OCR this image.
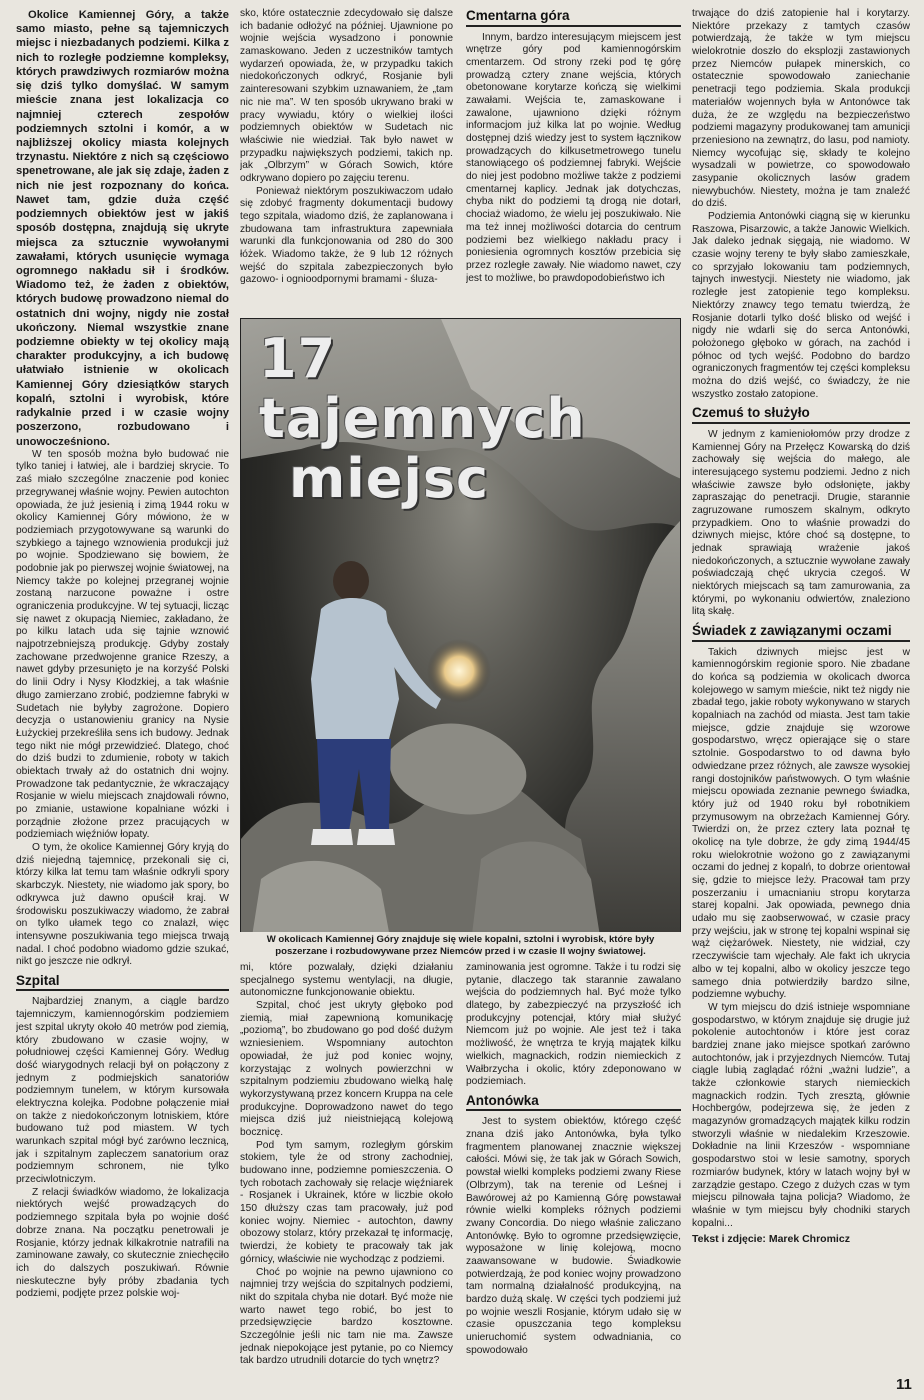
Okolice Kamiennej Góry, a także samo miasto, pełne są tajemniczych miejsc i niezbadanych podziemi. Kilka z nich to rozległe podziemne kompleksy, których prawdziwych rozmiarów można się dziś tylko domyślać. W samym mieście znana jest lokalizacja co najmniej czterech zespołów podziemnych sztolni i komór, a w najbliższej okolicy miasta kolejnych trzynastu. Niektóre z nich są częściowo spenetrowane, ale jak się zdaje, żaden z nich nie jest rozpoznany do końca. Nawet tam, gdzie duża część podziemnych obiektów jest w jakiś sposób dostępna, znajdują się ukryte miejsca za sztucznie wywołanymi zawałami, których usunięcie wymaga ogromnego nakładu sił i środków. Wiadomo też, że żaden z obiektów, których budowę prowadzono niemal do ostatnich dni wojny, nigdy nie został ukończony. Niemal wszystkie znane podziemne obiekty w tej okolicy mają charakter produkcyjny, a ich budowę ułatwiało istnienie w okolicach Kamiennej Góry dziesiątków starych kopalń, sztolni i wyrobisk, które radykalnie przed i w czasie wojny poszerzono, rozbudowano i unowocześniono.

W ten sposób można było budować nie tylko taniej i łatwiej, ale i bardziej skrycie. To zaś miało szczególne znaczenie pod koniec przegrywanej właśnie wojny. Pewien autochton opowiada, że już jesienią i zimą 1944 roku w okolicy Kamiennej Góry mówiono, że w podziemiach przygotowywane są warunki do szybkiego a tajnego wznowienia produkcji już po wojnie. Spodziewano się bowiem, że podobnie jak po pierwszej wojnie światowej, na Niemcy także po kolejnej przegranej wojnie zostaną narzucone poważne i ostre ograniczenia produkcyjne. W tej sytuacji, licząc się nawet z okupacją Niemiec, zakładano, że po kilku latach uda się tajnie wznowić najpotrzebniejszą produkcję. Gdyby zostały zachowane przedwojenne granice Rzeszy, a nawet gdyby przesunięto je na korzyść Polski do linii Odry i Nysy Kłodzkiej, a tak właśnie długo zamierzano zrobić, podziemne fabryki w Sudetach nie byłyby zagrożone. Dopiero decyzja o ustanowieniu granicy na Nysie Łużyckiej przekreśliła sens ich budowy. Jednak tego nikt nie mógł przewidzieć. Dlatego, choć do dziś budzi to zdumienie, roboty w takich obiektach trwały aż do ostatnich dni wojny. Prowadzone tak pedantycznie, że wkraczający Rosjanie w wielu miejscach znajdowali równo, po zmianie, ustawione kopalniane wózki i porządnie złożone przez pracujących w podziemiach więźniów łopaty.

O tym, że okolice Kamiennej Góry kryją do dziś niejedną tajemnicę, przekonali się ci, którzy kilka lat temu tam właśnie odkryli spory skarbczyk. Niestety, nie wiadomo jak spory, bo odkrywca już dawno opuścił kraj. W środowisku poszukiwaczy wiadomo, że zabrał on tylko ułamek tego co znalazł, więc intensywne poszukiwania tego miejsca trwają nadal. I choć podobno wiadomo gdzie szukać, nikt go jeszcze nie odkrył.

Szpital

Najbardziej znanym, a ciągle bardzo tajemniczym, kamiennogórskim podziemiem jest szpital ukryty około 40 metrów pod ziemią, który zbudowano w czasie wojny, w południowej części Kamiennej Góry. Według dość wiarygodnych relacji był on połączony z jednym z podmiejskich sanatoriów podziemnym tunelem, w którym kursowała elektryczna kolejka. Podobne połączenie miał on także z niedokończonym lotniskiem, które budowano tuż pod miastem. W tych warunkach szpital mógł być zarówno lecznicą, jak i szpitalnym zapleczem sanatorium oraz podziemnym schronem, nie tylko przeciwlotniczym.

Z relacji świadków wiadomo, że lokalizacja niektórych wejść prowadzących do podziemnego szpitala była po wojnie dość dobrze znana. Na początku penetrowali je Rosjanie, którzy jednak kilkakrotnie natrafili na zaminowane zawały, co skutecznie zniechęciło ich do dalszych poszukiwań. Równie nieskuteczne były próby zbadania tych podziemi, podjęte przez polskie woj-

sko, które ostatecznie zdecydowało się dalsze ich badanie odłożyć na później. Ujawnione po wojnie wejścia wysadzono i ponownie zamaskowano. Jeden z uczestników tamtych wydarzeń opowiada, że, w przypadku takich niedokończonych odkryć, Rosjanie byli zainteresowani szybkim uznawaniem, że „tam nic nie ma”. W ten sposób ukrywano braki w pracy wywiadu, który o wielkiej ilości podziemnych obiektów w Sudetach nic właściwie nie wiedział. Tak było nawet w przypadku największych podziemi, takich np. jak „Olbrzym” w Górach Sowich, które odkrywano dopiero po zajęciu terenu.

Ponieważ niektórym poszukiwaczom udało się zdobyć fragmenty dokumentacji budowy tego szpitala, wiadomo dziś, że zaplanowana i zbudowana tam infrastruktura zapewniała warunki dla funkcjonowania od 280 do 300 łóżek. Wiadomo także, że 9 lub 12 różnych wejść do szpitala zabezpieczonych było gazowo- i ognioodpornymi bramami - śluza-

Cmentarna góra

Innym, bardzo interesującym miejscem jest wnętrze góry pod kamiennogórskim cmentarzem. Od strony rzeki pod tę górę prowadzą cztery znane wejścia, których obetonowane korytarze kończą się wielkimi zawałami. Wejścia te, zamaskowane i zawalone, ujawniono dzięki różnym informacjom już kilka lat po wojnie. Według dostępnej dziś wiedzy jest to system łącznikow prowadzących do kilkusetmetrowego tunelu stanowiącego oś podziemnej fabryki. Wejście do niej jest podobno możliwe także z podziemi cmentarnej kaplicy. Jednak jak dotychczas, chyba nikt do podziemi tą drogą nie dotarł, chociaż wiadomo, że wielu jej poszukiwało. Nie ma też innej możliwości dotarcia do centrum podziemi bez wielkiego nakładu pracy i poniesienia ogromnych kosztów przebicia się przez rozległe zawały. Nie wiadomo nawet, czy jest to możliwe, bo prawdopodobieństwo ich

17 tajemnych
miejsc
W okolicach Kamiennej Góry znajduje się wiele kopalni, sztolni i wyrobisk, które były poszerzane i rozbudowywane przez Niemców przed i w czasie II wojny światowej.

mi, które pozwalały, dzięki działaniu specjalnego systemu wentylacji, na długie, autonomiczne funkcjonowanie obiektu.

Szpital, choć jest ukryty głęboko pod ziemią, miał zapewnioną komunikację „poziomą”, bo zbudowano go pod dość dużym wzniesieniem. Wspomniany autochton opowiadał, że już pod koniec wojny, korzystając z wolnych powierzchni w szpitalnym podziemiu zbudowano wielką halę wykorzystywaną przez koncern Kruppa na cele produkcyjne. Doprowadzono nawet do tego miejsca dziś już nieistniejącą kolejową bocznicę.

Pod tym samym, rozległym górskim stokiem, tyle że od strony zachodniej, budowano inne, podziemne pomieszczenia. O tych robotach zachowały się relacje więźniarek - Rosjanek i Ukrainek, które w liczbie około 150 dłuższy czas tam pracowały, już pod koniec wojny. Niemiec - autochton, dawny obozowy stolarz, który przekazał tę informację, twierdzi, że kobiety te pracowały tak jak górnicy, właściwie nie wychodząc z podziemi.

Choć po wojnie na pewno ujawniono co najmniej trzy wejścia do szpitalnych podziemi, nikt do szpitala chyba nie dotarł. Być może nie warto nawet tego robić, bo jest to przedsięwzięcie bardzo kosztowne. Szczególnie jeśli nic tam nie ma. Zawsze jednak niepokojące jest pytanie, po co Niemcy tak bardzo utrudnili dotarcie do tych wnętrz?

zaminowania jest ogromne. Także i tu rodzi się pytanie, dlaczego tak starannie zawalano wejścia do podziemnych hal. Być może tylko dlatego, by zabezpieczyć na przyszłość ich produkcyjny potencjał, który miał służyć Niemcom już po wojnie. Ale jest też i taka możliwość, że wnętrza te kryją majątek kilku wielkich, magnackich, rodzin niemieckich z Wałbrzycha i okolic, który zdeponowano w podziemiach.

Antonówka

Jest to system obiektów, którego część znana dziś jako Antonówka, była tylko fragmentem planowanej znacznie większej całości. Mówi się, że tak jak w Górach Sowich, powstał wielki kompleks podziemi zwany Riese (Olbrzym), tak na terenie od Leśnej i Bawórowej aż po Kamienną Górę powstawał równie wielki kompleks różnych podziemi zwany Concordia. Do niego właśnie zaliczano Antonówkę. Było to ogromne przedsięwzięcie, wyposażone w linię kolejową, mocno zaawansowane w budowie. Świadkowie potwierdzają, że pod koniec wojny prowadzono tam normalną działalność produkcyjną, na bardzo dużą skalę. W części tych podziemi już po wojnie weszli Rosjanie, którym udało się w czasie opuszczania tego kompleksu unieruchomić system odwadniania, co spowodowało

trwające do dziś zatopienie hal i korytarzy. Niektóre przekazy z tamtych czasów potwierdzają, że także w tym miejscu wielokrotnie doszło do eksplozji zastawionych przez Niemców pułapek minerskich, co ostatecznie spowodowało zaniechanie penetracji tego podziemia. Skala produkcji materiałów wojennych była w Antonówce tak duża, że ze względu na bezpieczeństwo podziemi magazyny produkowanej tam amunicji przeniesiono na zewnątrz, do lasu, pod namioty. Niemcy wycofując się, składy te kolejno wysadzali w powietrze, co spowodowało zasypanie okolicznych lasów gradem niewybuchów. Niestety, można je tam znaleźć do dziś.

Podziemia Antonówki ciągną się w kierunku Raszowa, Pisarzowic, a także Janowic Wielkich. Jak daleko jednak sięgają, nie wiadomo. W czasie wojny tereny te były słabo zamieszkałe, co sprzyjało lokowaniu tam podziemnych, tajnych inwestycji. Niestety nie wiadomo, jak rozległe jest zatopienie tego kompleksu. Niektórzy znawcy tego tematu twierdzą, że Rosjanie dotarli tylko dość blisko od wejść i nigdy nie wdarli się do serca Antonówki, położonego głęboko w górach, na zachód i północ od tych wejść. Podobno do bardzo ograniczonych fragmentów tej części kompleksu można do dziś wejść, co świadczy, że nie wszystko zostało zatopione.

Czemuś to służyło

W jednym z kamieniołomów przy drodze z Kamiennej Góry na Przełęcz Kowarską do dziś zachowały się wejścia do małego, ale interesującego systemu podziemi. Jedno z nich właściwie zawsze było odsłonięte, jakby zapraszając do penetracji. Drugie, starannie zagruzowane rumoszem skalnym, odkryto przypadkiem. Ono to właśnie prowadzi do dziwnych miejsc, które choć są dostępne, to jednak sprawiają wrażenie jakoś niedokończonych, a sztucznie wywołane zawały poświadczają chęć ukrycia czegoś. W niektórych miejscach są tam zamurowania, za którymi, po wykonaniu odwiertów, znaleziono litą skałę.

Świadek z zawiązanymi oczami

Takich dziwnych miejsc jest w kamiennogórskim regionie sporo. Nie zbadane do końca są podziemia w okolicach dworca kolejowego w samym mieście, nikt też nigdy nie zbadał tego, jakie roboty wykonywano w starych kopalniach na zachód od miasta. Jest tam takie miejsce, gdzie znajduje się wzorowe gospodarstwo, wręcz opierające się o stare sztolnie. Gospodarstwo to od dawna było odwiedzane przez różnych, ale zawsze wysokiej rangi dostojników państwowych. O tym właśnie miejscu opowiada zeznanie pewnego świadka, który już od 1940 roku był robotnikiem przymusowym na obrzeżach Kamiennej Góry. Twierdzi on, że przez cztery lata poznał tę okolicę na tyle dobrze, że gdy zimą 1944/45 roku wielokrotnie wożono go z zawiązanymi oczami do jednej z kopalń, to dobrze orientował się, gdzie to miejsce leży. Pracował tam przy poszerzaniu i umacnianiu stropu korytarza starej kopalni. Jak opowiada, pewnego dnia udało mu się zaobserwować, w czasie pracy przy wejściu, jak w stronę tej kopalni wspinał się wąż ciężarówek. Niestety, nie widział, czy rzeczywiście tam wjechały. Ale fakt ich ukrycia albo w tej kopalni, albo w okolicy jeszcze tego samego dnia potwierdziły bardzo silne, podziemne wybuchy.

W tym miejscu do dziś istnieje wspomniane gospodarstwo, w którym znajduje się drugie już pokolenie autochtonów i które jest coraz bardziej znane jako miejsce spotkań zarówno autochtonów, jak i przyjezdnych Niemców. Tutaj ciągle lubią zaglądać różni „ważni ludzie”, a także członkowie starych niemieckich magnackich rodzin. Tych zresztą, głównie Hochbergów, podejrzewa się, że jeden z magazynów gromadzących majątek kilku rodzin stworzyli właśnie w niedalekim Krzeszowie. Dokładnie na linii Krzeszów - wspomniane gospodarstwo stoi w lesie samotny, sporych rozmiarów budynek, który w latach wojny był w zarządzie gestapo. Czego z dużych czas w tym miejscu pilnowała tajna policja? Wiadomo, że właśnie w tym miejscu były chodniki starych kopalni...

Tekst i zdjęcie: Marek Chromicz

11
